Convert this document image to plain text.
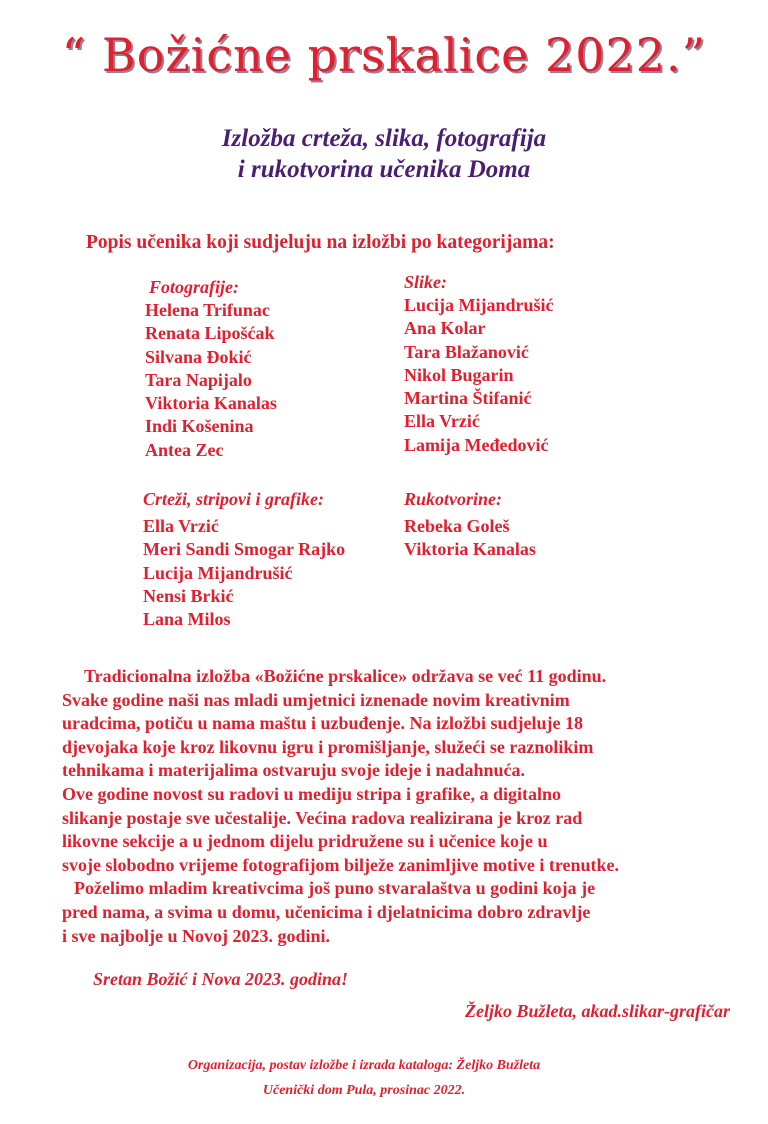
“ Božićne prskalice 2022.”
Izložba crteža, slika, fotografija
i rukotvorina učenika Doma
Popis učenika koji sudjeluju na izložbi po kategorijama:
Fotografije:
Helena Trifunac
Renata Lipošćak
Silvana Đokić
Tara Napijalo
Viktoria Kanalas
Indi Košenina
Antea Zec
Slike:
Lucija Mijandrušić
Ana Kolar
Tara Blažanović
Nikol Bugarin
Martina Štifanić
Ella Vrzić
Lamija Međedović
Crteži, stripovi i grafike:
Ella Vrzić
Meri Sandi Smogar Rajko
Lucija Mijandrušić
Nensi Brkić
Lana Milos
Rukotvorine:
Rebeka Goleš
Viktoria Kanalas
Tradicionalna izložba «Božićne prskalice» održava se već 11 godinu.
Svake godine naši nas mladi umjetnici iznenade novim kreativnim
uradcima, potiču u nama maštu i uzbuđenje. Na izložbi sudjeluje 18
djevojaka koje kroz likovnu igru i promišljanje, služeći se raznolikim
tehnikama i materijalima ostvaruju svoje ideje i nadahnuća.
Ove godine novost su radovi u mediju stripa i grafike, a digitalno
slikanje postaje sve učestalije. Većina radova realizirana je kroz rad
likovne sekcije a u jednom dijelu pridružene su i učenice koje u
svoje slobodno vrijeme fotografijom bilježe zanimljive motive i trenutke.
Poželimo mladim kreativcima još puno stvaralaštva u godini koja je
pred nama, a svima u domu, učenicima i djelatnicima dobro zdravlje
i sve najbolje u Novoj 2023. godini.
Sretan Božić i Nova 2023. godina!
Željko Bužleta, akad.slikar-grafičar
Organizacija, postav izložbe i izrada kataloga: Željko Bužleta
Učenički dom Pula, prosinac 2022.
